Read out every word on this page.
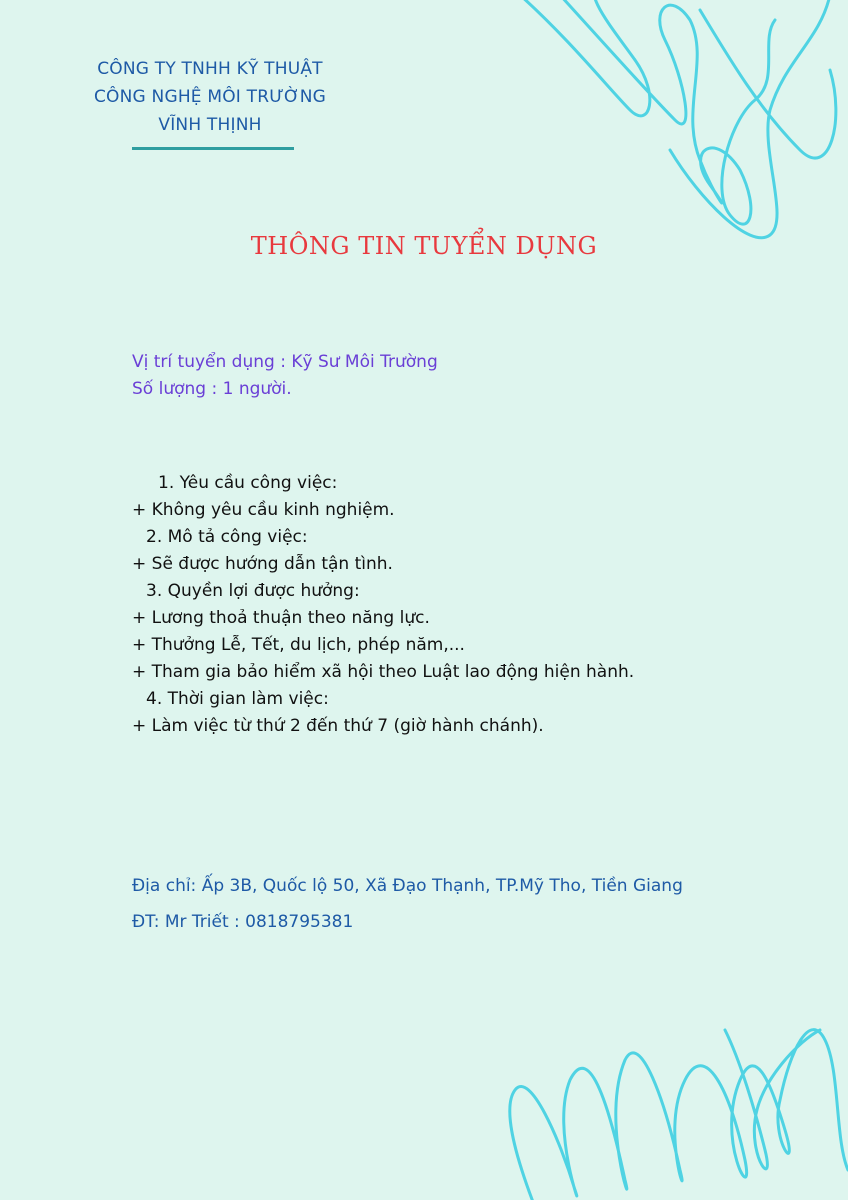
CÔNG TY TNHH KỸ THUẬT
CÔNG NGHỆ MÔI TRƯỜNG
VĨNH THỊNH
THÔNG TIN TUYỂN DỤNG
Vị trí tuyển dụng : Kỹ Sư Môi Trường
Số lượng : 1 người.
1. Yêu cầu công việc:
+ Không yêu cầu kinh nghiệm.
2. Mô tả công việc:
+ Sẽ được hướng dẫn tận tình.
3. Quyền lợi được hưởng:
+ Lương thoả thuận theo năng lực.
+ Thưởng Lễ, Tết, du lịch, phép năm,...
+ Tham gia bảo hiểm xã hội theo Luật lao động hiện hành.
4. Thời gian làm việc:
+ Làm việc từ thứ 2 đến thứ 7 (giờ hành chánh).
Địa chỉ: Ấp 3B, Quốc lộ 50, Xã Đạo Thạnh, TP.Mỹ Tho, Tiền Giang
ĐT: Mr Triết : 0818795381
